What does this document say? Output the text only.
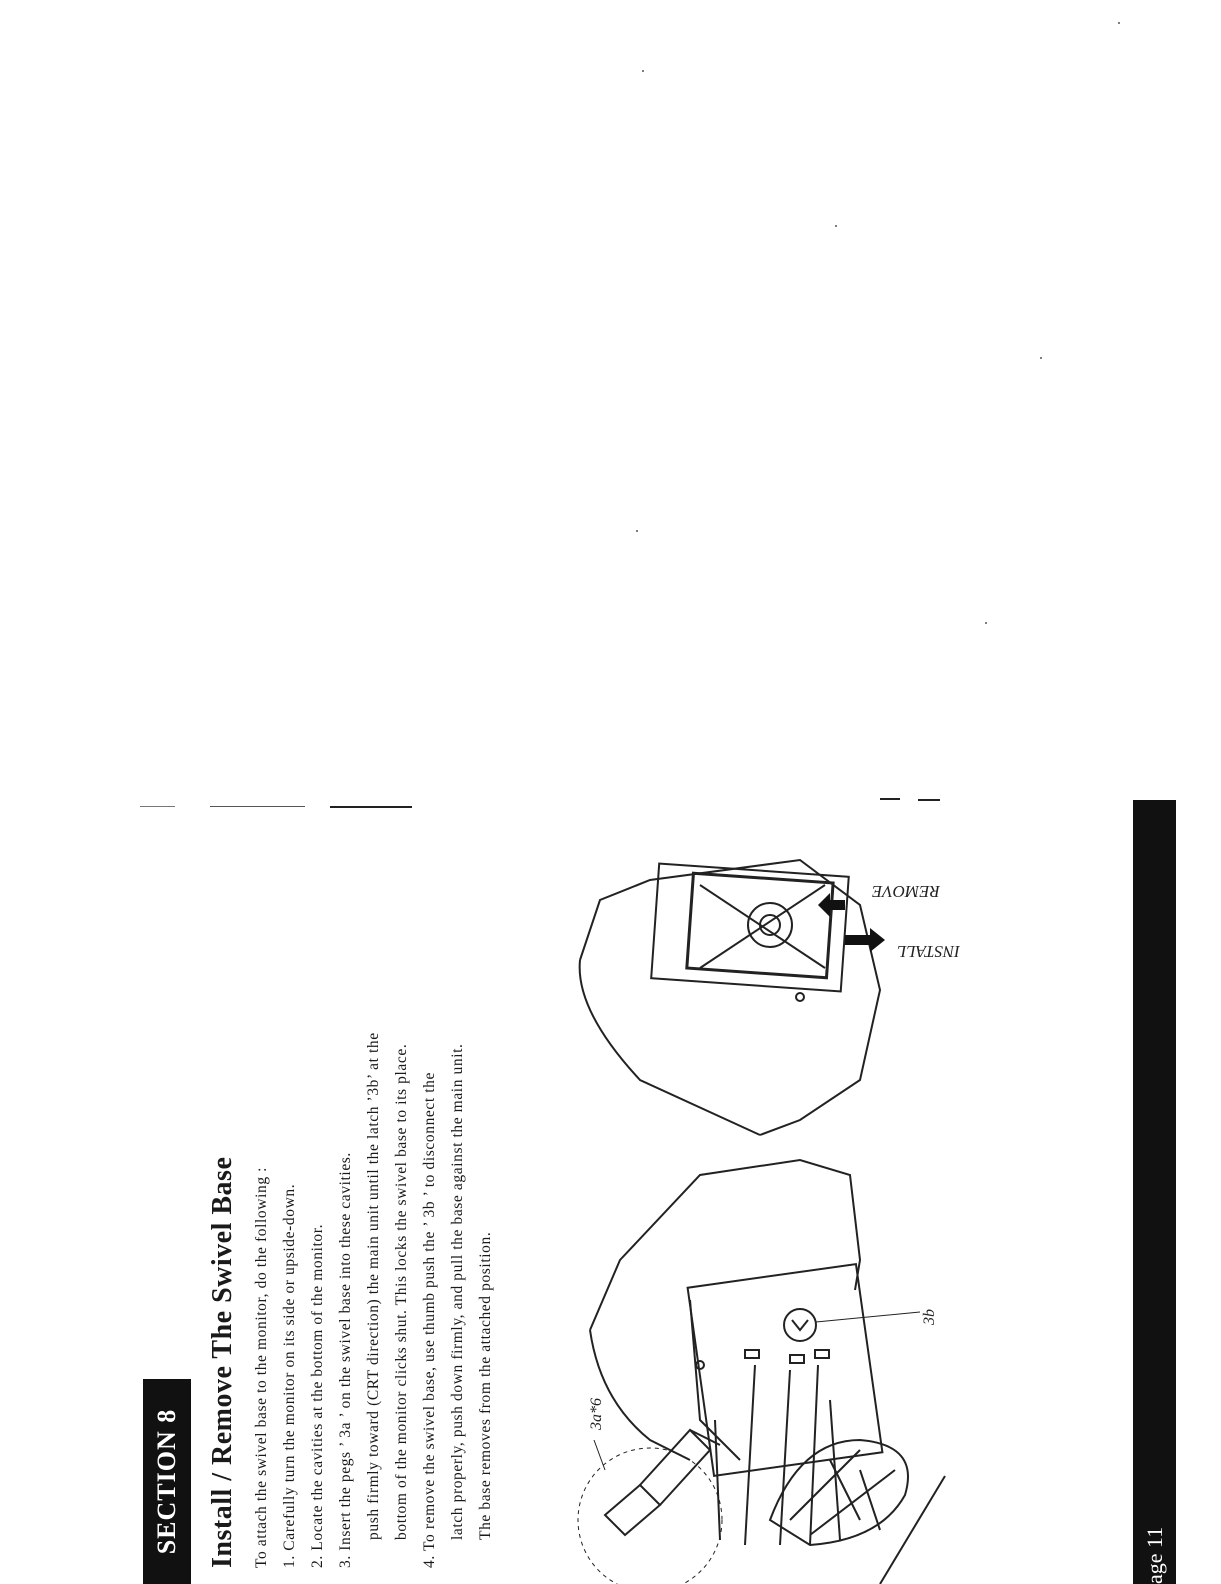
SECTION 8 Install / Remove The Swivel Base To attach the swivel base to the monitor, do the following : 1. Carefully turn the monitor on its side or upside-down. 2. Locate the cavities at the bottom of the monitor. 3. Insert the pegs ’ 3a ’ on the swivel base into these cavities. push firmly toward (CRT direction) the main unit until the latch ’3b’ at the bottom of the monitor clicks shut. This locks the swivel base to its place. 4. To remove the swivel base, use thumb push the ’ 3b ’ to disconnect the latch properly, push down firmly, and pull the base against the main unit. The base removes from the attached position.	3a*6
3b
INSTALL
REMOVE
age 11
